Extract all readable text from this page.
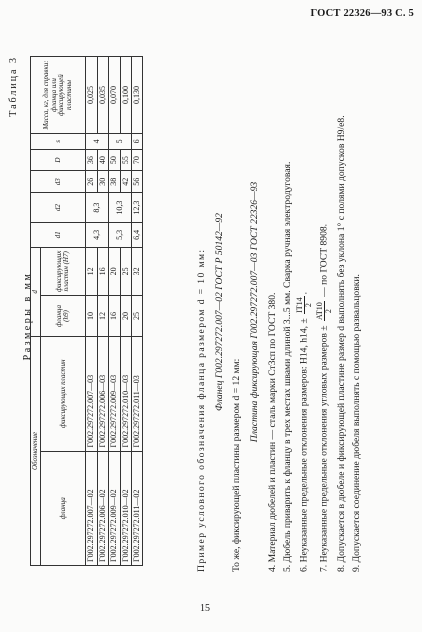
ГОСТ 22326—93 С. 5
Таблица 3
Размеры в мм
Обозначение		d		d1	d2	d3	D	s	Масса, кг, для справки: фланца или фиксирующей пластины
фланца	фиксирующих пластин	фланца (h9)	фиксирующих пластин (H7)						
Г002.297272.007—02	Г002.297272.007—03	10	12	4,3	8,3	26	36	4	0,025
Г002.297272.006—02	Г002.297272.006—03	12	16			30	40		0,035
Г002.297272.009—02	Г002.297272.009—03	16	20	5,3	10,3	38	50	5	0,070
Г002.297272.010—02	Г002.297272.010—03	20	25			42	55		0,100
Г002.297272.011—02	Г002.297272.011—03	25	32	6,4	12,3	56	70	6	0,130

Пример условного обозначения фланца размером d = 10 мм: Фланец Г002.297272.007—02 ГОСТ Р 50142—92

То же, фиксирующей пластины размером d = 12 мм:

Пластина фиксирующая Г002.297272.007—03 ГОСТ 22326—93 4. Материал дюбелей и пластин — сталь марки Ст3сп по ГОСТ 380. 5. Дюбель приварить к фланцу в трех местах швами длиной 3...5 мм. Сварка ручная электродуговая. 6. Неуказанные предельные отклонения размеров: H14, h14, ±
IT14 2
.

7. Неуказанные предельные отклонения угловых размеров ±
AT10 2
— по ГОСТ 8908. 8. Допускается в дюбеле и фиксирующей пластине размер d выполнять без уклона 1° с полями допусков H9/e8. 9. Допускается соединение дюбеля выполнять с помощью развальцовки.

15
